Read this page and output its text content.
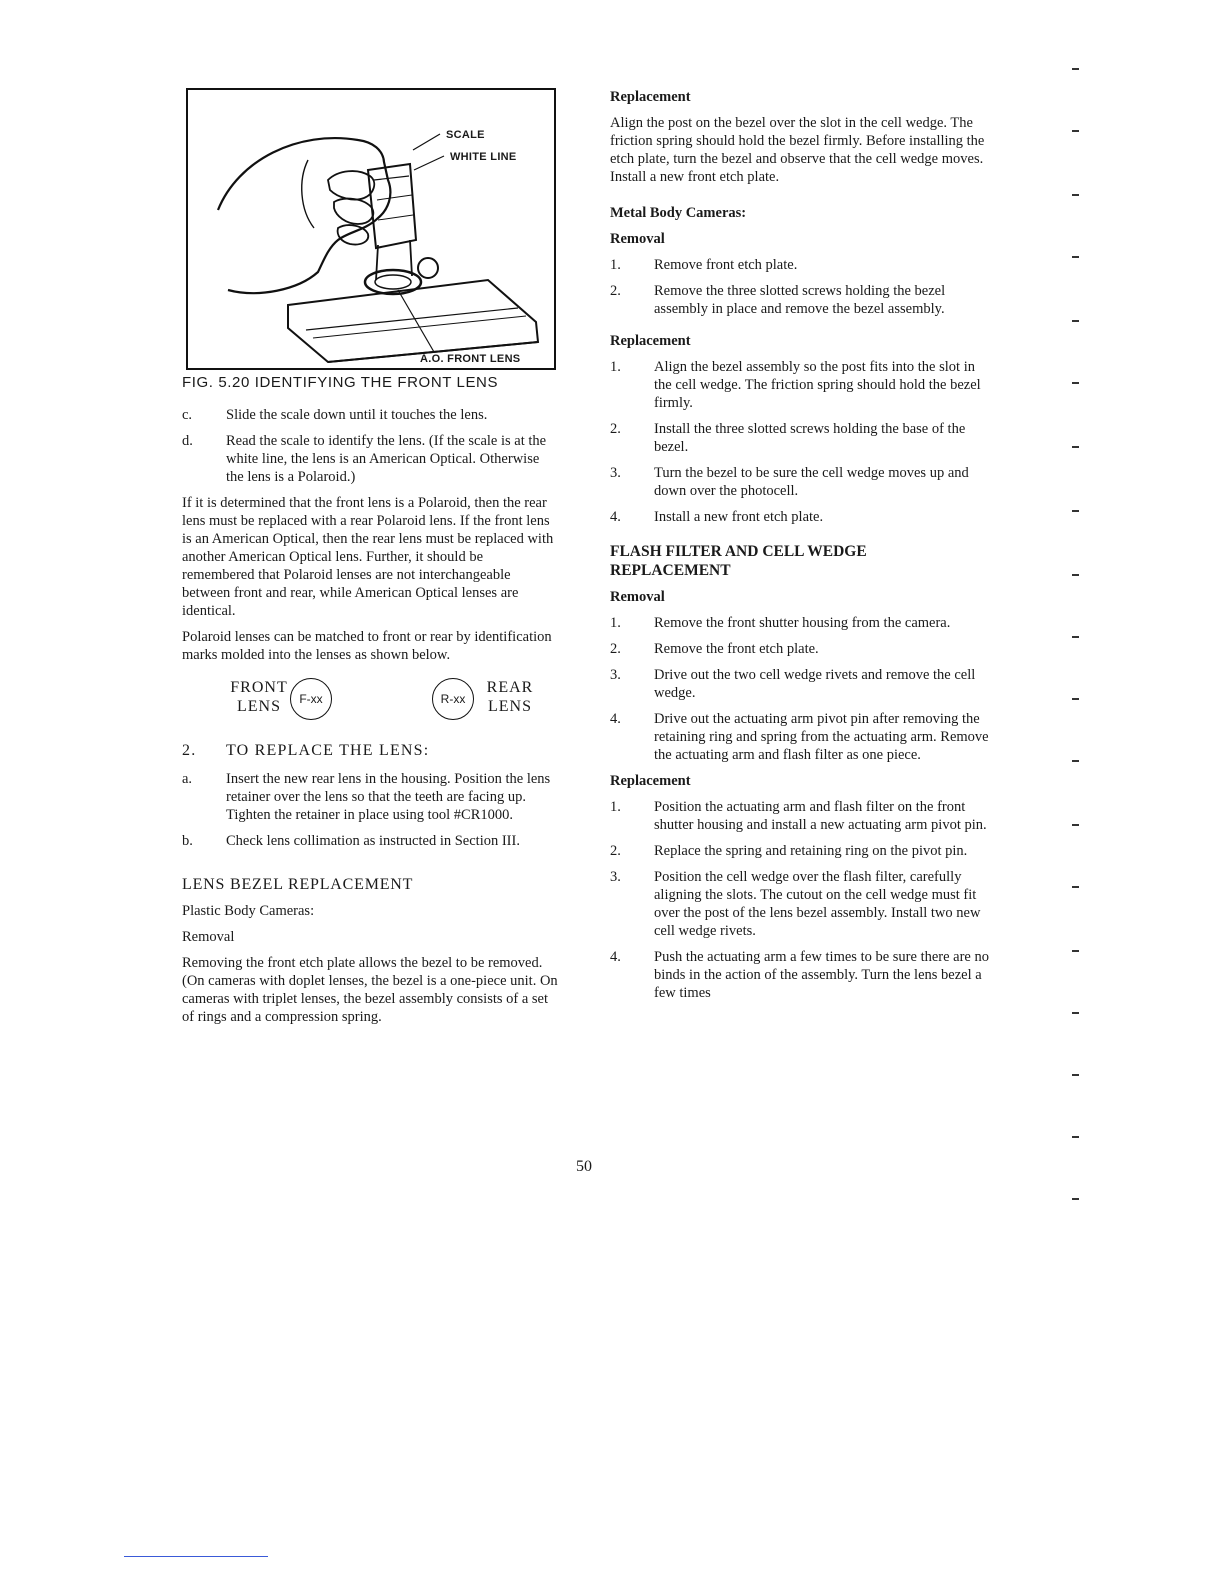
SCALE
WHITE LINE
A.O. FRONT LENS
FIG. 5.20 IDENTIFYING THE FRONT LENS
c.	Slide the scale down until it touches the lens.
d.	Read the scale to identify the lens. (If the scale is at the white line, the lens is an American Optical. Otherwise the lens is a Polaroid.)

If it is determined that the front lens is a Polaroid, then the rear lens must be replaced with a rear Polaroid lens. If the front lens is an American Optical, then the rear lens must be replaced with another American Optical lens. Further, it should be remembered that Polaroid lenses are not interchangeable between front and rear, while American Optical lenses are identical.

Polaroid lenses can be matched to front or rear by identification marks molded into the lenses as shown below.

FRONT
LENS	F-xx	R-xx
REAR
LENS
2.	TO REPLACE THE LENS:
a.	Insert the new rear lens in the housing. Position the lens retainer over the lens so that the teeth are facing up. Tighten the retainer in place using tool #CR1000.
b.	Check lens collimation as instructed in Section III.
LENS BEZEL REPLACEMENT
Plastic Body Cameras:
Removal

Removing the front etch plate allows the bezel to be removed. (On cameras with doplet lenses, the bezel is a one-piece unit. On cameras with triplet lenses, the bezel assembly consists of a set of rings and a compression spring.

Replacement

Align the post on the bezel over the slot in the cell wedge. The friction spring should hold the bezel firmly. Before installing the etch plate, turn the bezel and observe that the cell wedge moves. Install a new front etch plate.

Metal Body Cameras:
Removal
1.	Remove front etch plate.
2.	Remove the three slotted screws holding the bezel assembly in place and remove the bezel assembly.
Replacement
1.	Align the bezel assembly so the post fits into the slot in the cell wedge. The friction spring should hold the bezel firmly.
2.	Install the three slotted screws holding the base of the bezel.
3.	Turn the bezel to be sure the cell wedge moves up and down over the photocell.
4.	Install a new front etch plate.
FLASH FILTER AND CELL WEDGE REPLACEMENT
Removal
1.	Remove the front shutter housing from the camera.
2.	Remove the front etch plate.
3.	Drive out the two cell wedge rivets and remove the cell wedge.
4.	Drive out the actuating arm pivot pin after removing the retaining ring and spring from the actuating arm. Remove the actuating arm and flash filter as one piece.
Replacement
1.	Position the actuating arm and flash filter on the front shutter housing and install a new actuating arm pivot pin.
2.	Replace the spring and retaining ring on the pivot pin.
3.	Position the cell wedge over the flash filter, carefully aligning the slots. The cutout on the cell wedge must fit over the post of the lens bezel assembly. Install two new cell wedge rivets.
4.	Push the actuating arm a few times to be sure there are no binds in the action of the assembly. Turn the lens bezel a few times
50
